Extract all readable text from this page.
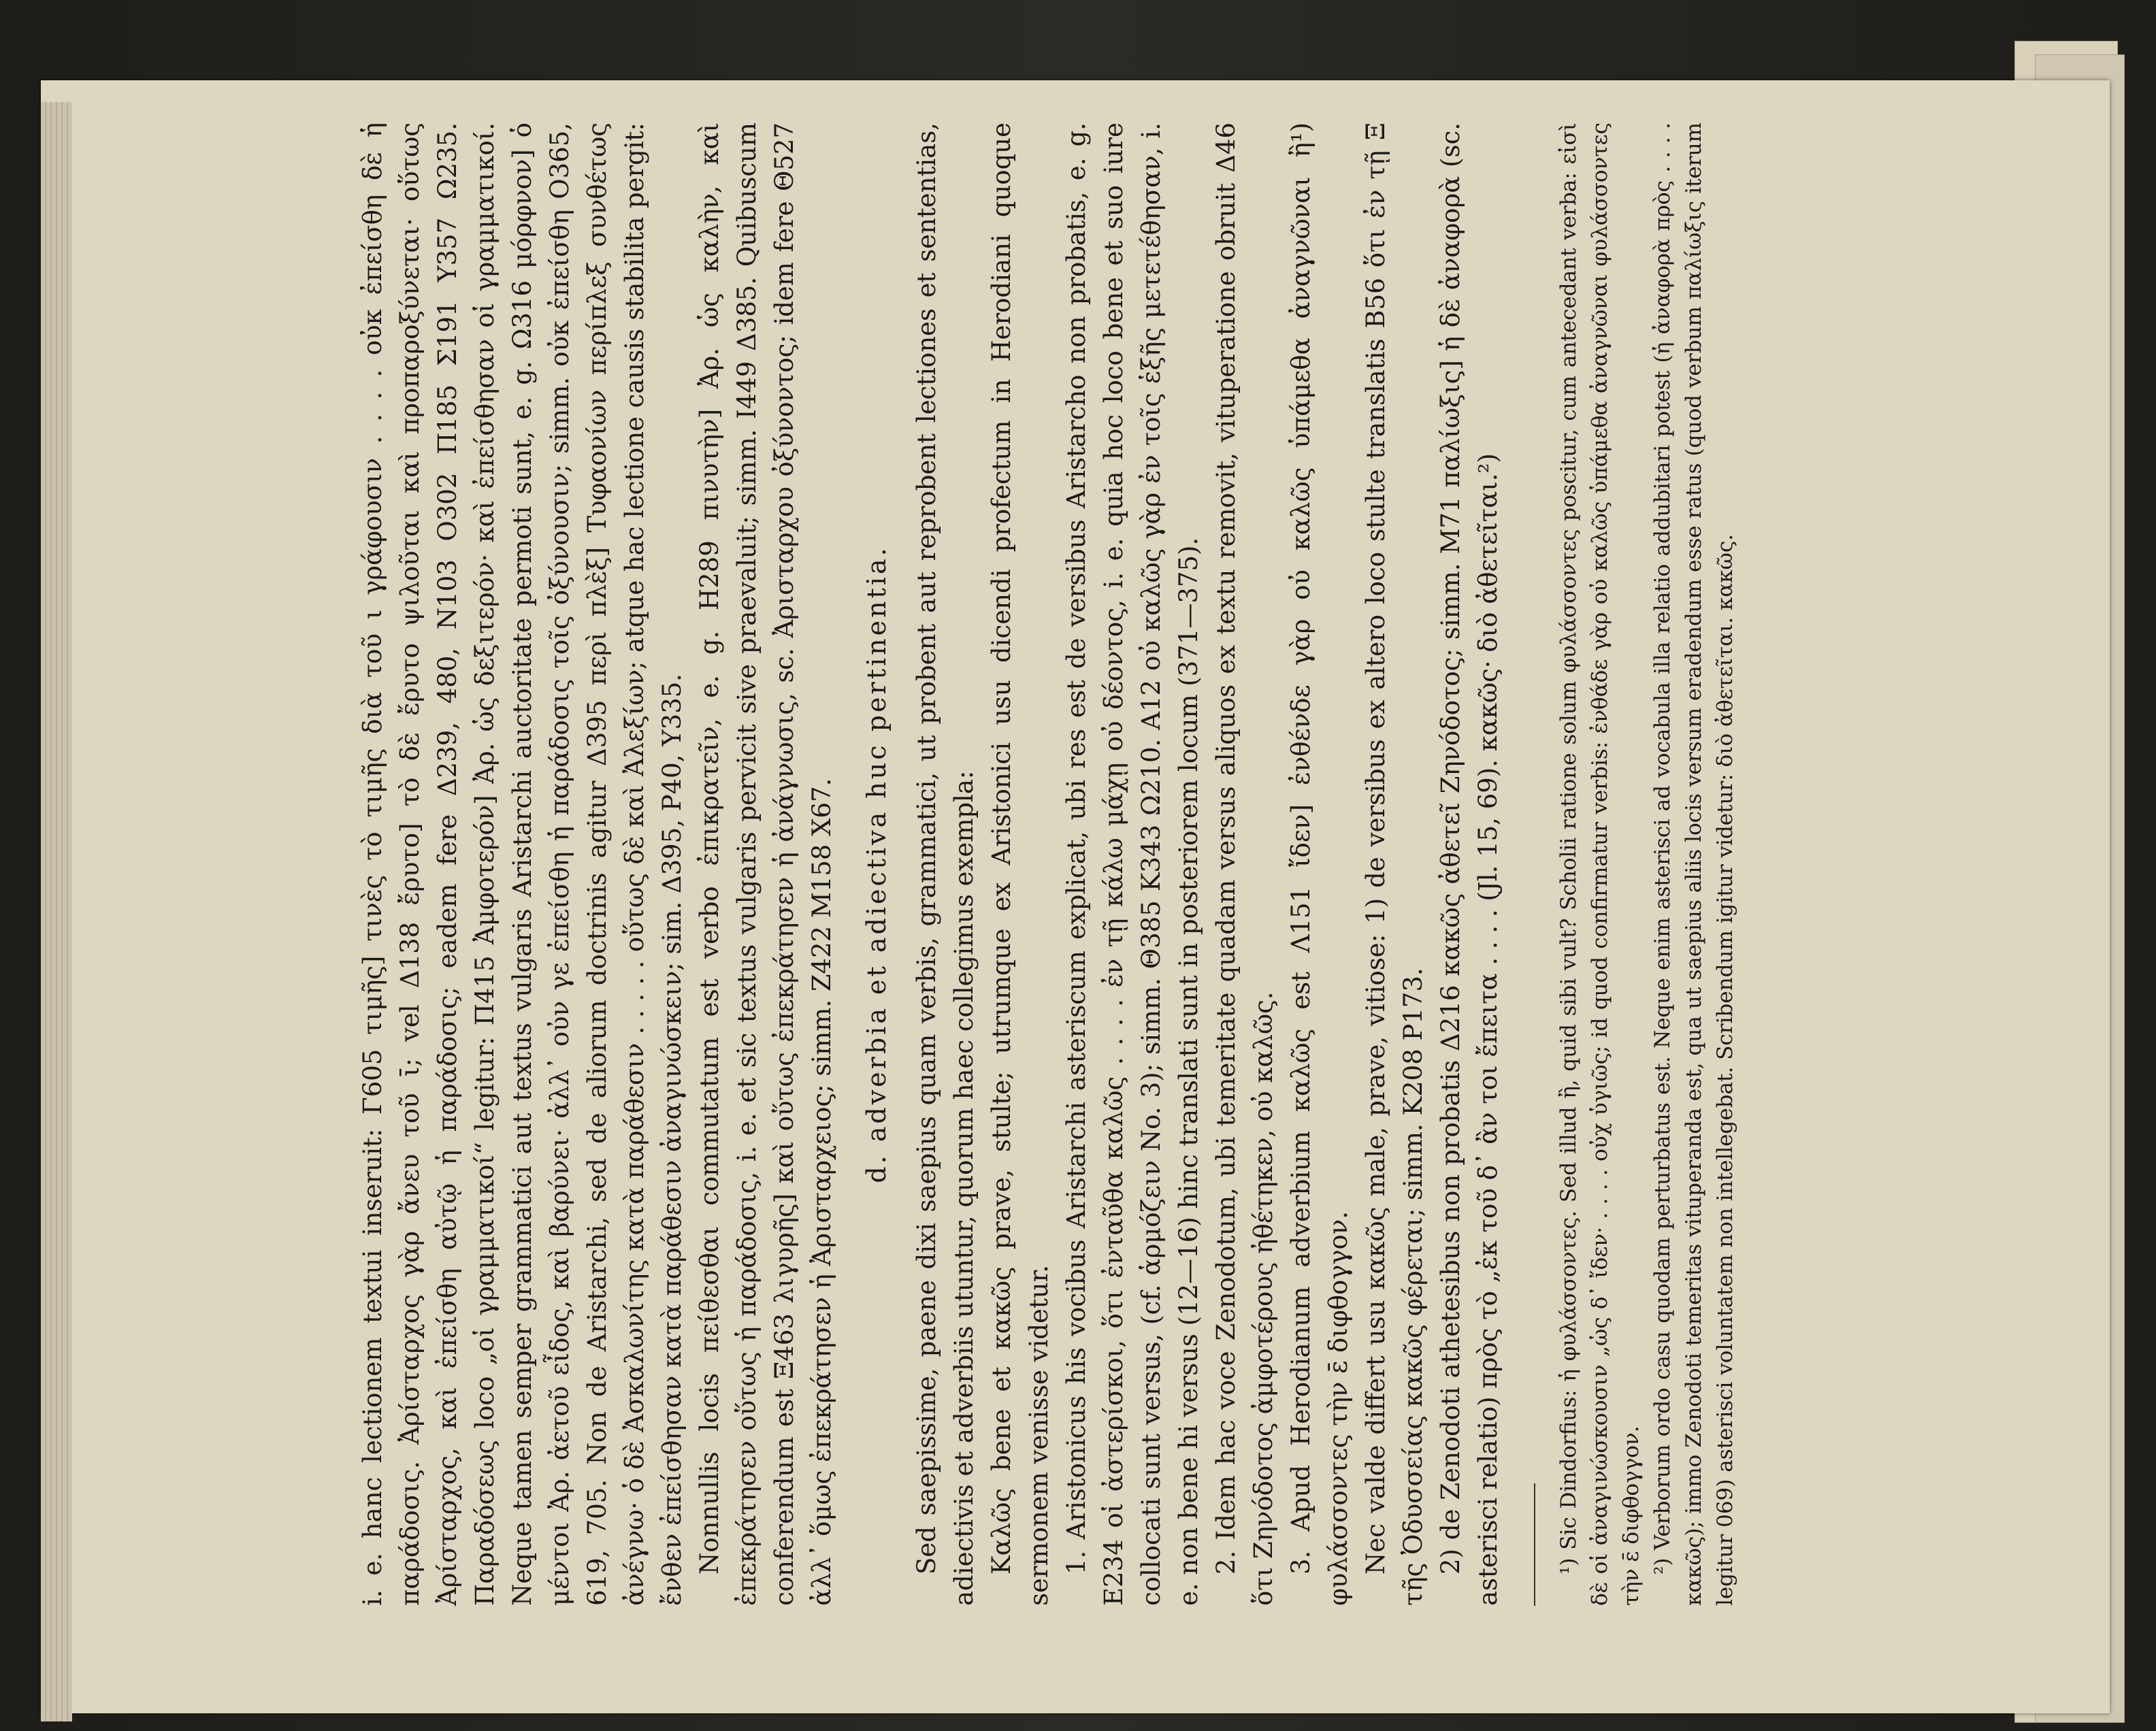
i. e. hanc lectionem textui inseruit: Γ605 τιμῆς] τινὲς τὸ τιμῆς διὰ τοῦ ι γράφουσιν . . . . οὐκ ἐπείσθη δὲ ἡ παράδοσις. Ἀρίσταρχος γὰρ ἄνευ τοῦ ῑ; vel Δ138 ἔρυτο] τὸ δὲ ἔρυτο ψιλοῦται καὶ προπαροξύνεται· οὕτως Ἀρίσταρχος, καὶ ἐπείσθη αὐτῷ ἡ παράδοσις; eadem fere Δ239, 480, Ν103 Ο302 Π185 Σ191 Υ357 Ω235. Παραδόσεως loco „οἱ γραμματικοί“ legitur: Π415 Ἀμφοτερόν] Ἀρ. ὡς δεξιτερόν· καὶ ἐπείσθησαν οἱ γραμματικοί. Neque tamen semper grammatici aut textus vulgaris Aristarchi auctoritate permoti sunt, e. g. Ω316 μόρφνον] ὁ μέντοι Ἀρ. ἀετοῦ εἶδος, καὶ βαρύνει· ἀλλ᾽ οὐν γε ἐπείσθη ἡ παράδοσις τοῖς ὀξύνουσιν; simm. οὐκ ἐπείσθη Ο365, 619, 705. Non de Aristarchi, sed de aliorum doctrinis agitur Δ395 περὶ πλὲξ] Τυφαονίων περίπλεξ συνθέτως ἀνέγνω· ὁ δὲ Ἀσκαλωνίτης κατὰ παράθεσιν . . . . . οὕτως δὲ καὶ Ἀλεξίων; atque hac lectione causis stabilita pergit: ἔνθεν ἐπείσθησαν κατὰ παράθεσιν ἀναγινώσκειν; sim. Δ395, Ρ40, Υ335. Nonnullis locis πείθεσθαι commutatum est verbo ἐπικρατεῖν, e. g. Η289 πινυτὴν] Ἀρ. ὡς καλὴν, καὶ ἐπεκράτησεν οὕτως ἡ παράδοσις, i. e. et sic textus vulgaris pervicit sive praevaluit; simm. Ι449 Δ385. Quibuscum conferendum est Ξ463 λιγυρῆς] καὶ οὕτως ἐπεκράτησεν ἡ ἀνάγνωσις, sc. Ἀρισταρχου ὀξύνοντος; idem fere Θ527 ἀλλ᾽ ὅμως ἐπεκράτησεν ἡ Ἀρισταρχειος; simm. Ζ422 Μ158 Χ67. d. adverbia et adiectiva huc pertinentia. Sed saepissime, paene dixi saepius quam verbis, grammatici, ut probent aut reprobent lectiones et sententias, adiectivis et adverbiis utuntur, quorum haec collegimus exempla: Καλῶς bene et κακῶς prave, stulte; utrumque ex Aristonici usu dicendi profectum in Herodiani quoque sermonem venisse videtur. 1. Aristonicus his vocibus Aristarchi asteriscum explicat, ubi res est de versibus Aristarcho non probatis, e. g. Ε234 οἱ ἀστερίσκοι, ὅτι ἐνταῦθα καλῶς . . . . ἐν τῇ κάλω μάχῃ οὐ δέοντος, i. e. quia hoc loco bene et suo iure collocati sunt versus, (cf. ἁρμόζειν No. 3); simm. Θ385 Κ343 Ω210. Α12 οὐ καλῶς γὰρ ἐν τοῖς ἑξῆς μετετέθησαν, i. e. non bene hi versus (12—16) hinc translati sunt in posteriorem locum (371—375). 2. Idem hac voce Zenodotum, ubi temeritate quadam versus aliquos ex textu removit, vituperatione obruit Δ46 ὅτι Ζηνόδοτος ἀμφοτέρους ἠθέτηκεν, οὐ καλῶς. 3. Apud Herodianum adverbium καλῶς est Λ151 ἴδεν] ἐνθένδε γὰρ οὐ καλῶς ὑπάμεθα ἀναγνῶναι ἢ¹) φυλάσσοντες τὴν ε̄ διφθογγον. Nec valde differt usu κακῶς male, prave, vitiose: 1) de versibus ex altero loco stulte translatis Β56 ὅτι ἐν τῇ Ξ τῆς Ὀδυσσείας κακῶς φέρεται; simm. Κ208 Ρ173. 2) de Zenodoti athetesibus non probatis Δ216 κακῶς ἀθετεῖ Ζηνόδοτος; simm. Μ71 παλίωξις] ἡ δὲ ἀναφορὰ (sc. asterisci relatio) πρὸς τὸ „ἐκ τοῦ δ᾽ ἂν τοι ἔπειτα . . . . (Jl. 15, 69). κακῶς· διὸ ἀθετεῖται.²)	¹) Sic Dindorfius: ἡ φυλάσσοντες. Sed illud ἢ, quid sibi vult? Scholii ratione solum φυλάσσοντες poscitur, cum antecedant verba: εἰσὶ δὲ οἱ ἀναγινώσκουσιν „ὡς δ᾽ ἴδεν· . . . . οὐχ ὑγιῶς; id quod confirmatur verbis: ἐνθάδε γὰρ οὐ καλῶς ὑπάμεθα ἀναγνῶναι φυλάσσοντες τὴν ε̄ διφθογγον. ²) Verborum ordo casu quodam perturbatus est. Neque enim asterisci ad vocabula illa relatio addubitari potest (ἡ ἀναφορὰ πρὸς . . . . κακῶς); immo Zenodoti temeritas vituperanda est, qua ut saepius aliis locis versum eradendum esse ratus (quod verbum παλίωξις iterum legitur 069) asterisci voluntatem non intellegebat. Scribendum igitur videtur: διὸ ἀθετεῖται. κακῶς.
